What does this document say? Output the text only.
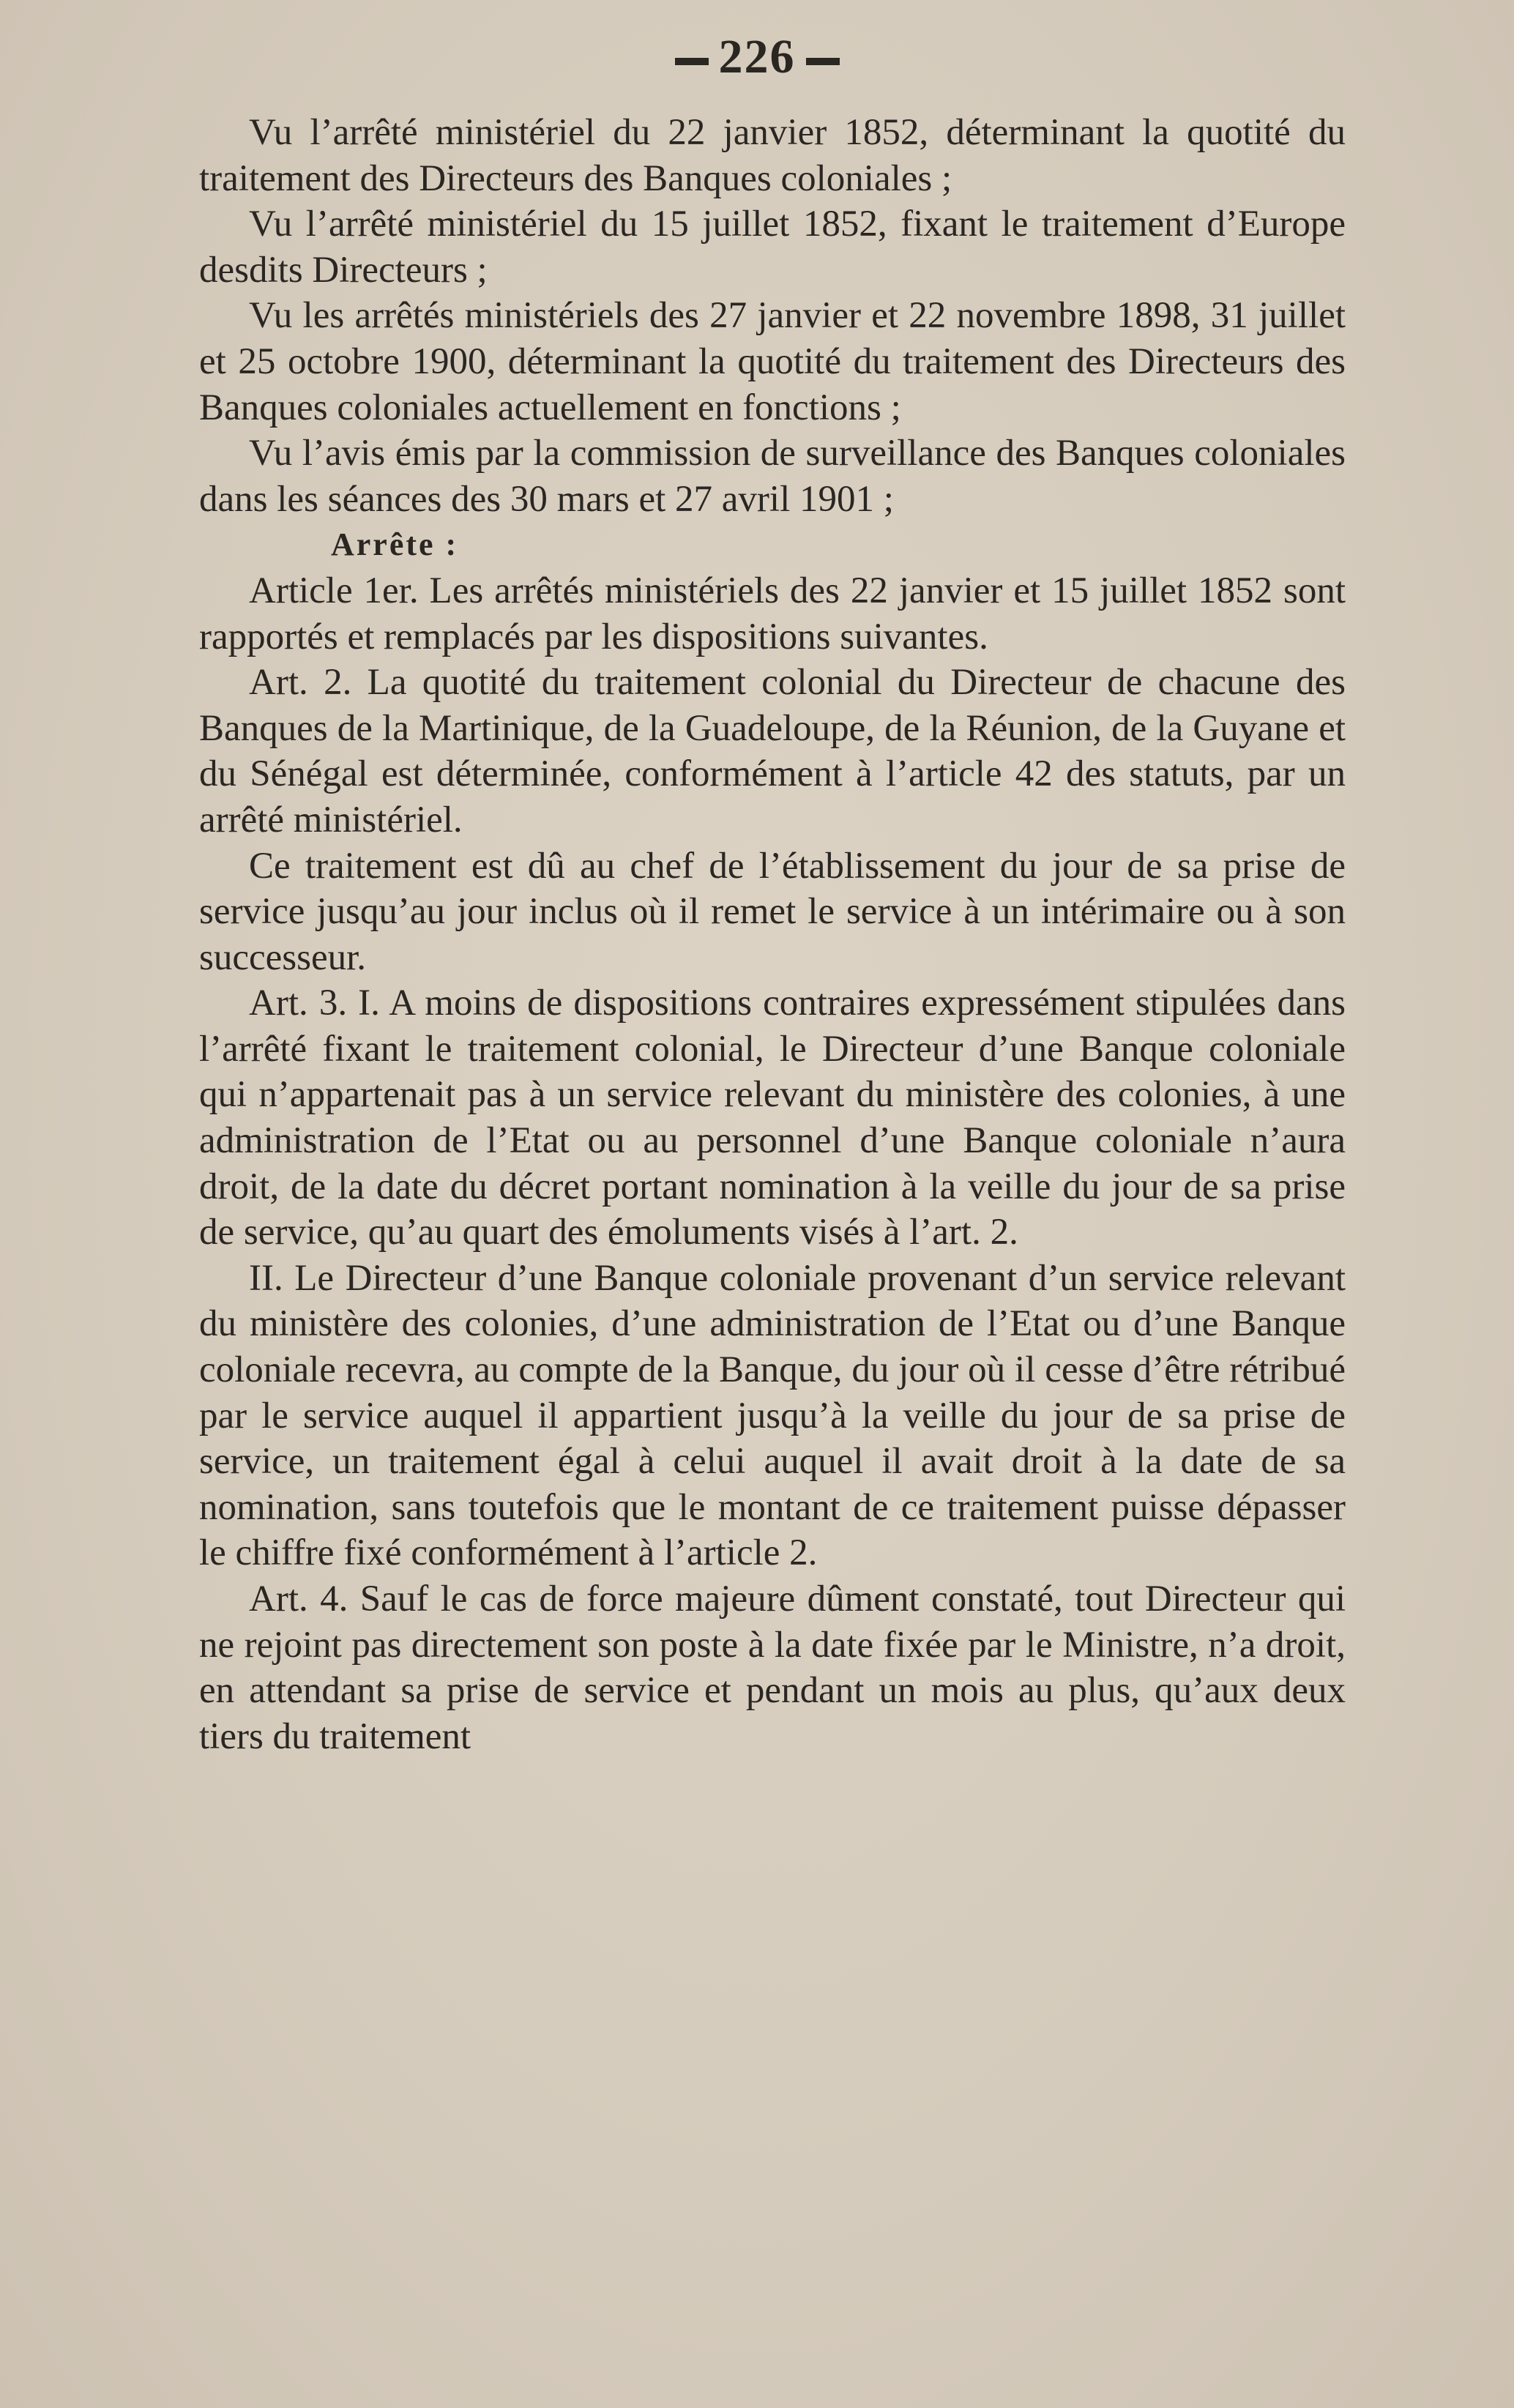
226

Vu l’arrêté ministériel du 22 janvier 1852, déterminant la quotité du traitement des Directeurs des Banques coloniales ;

Vu l’arrêté ministériel du 15 juillet 1852, fixant le traitement d’Europe desdits Directeurs ;

Vu les arrêtés ministériels des 27 janvier et 22 novembre 1898, 31 juillet et 25 octobre 1900, déterminant la quotité du traitement des Directeurs des Banques coloniales actuellement en fonctions ;

Vu l’avis émis par la commission de surveillance des Banques coloniales dans les séances des 30 mars et 27 avril 1901 ;

Arrête :

Article 1er. Les arrêtés ministériels des 22 janvier et 15 juillet 1852 sont rapportés et remplacés par les dispositions suivantes.

Art. 2. La quotité du traitement colonial du Directeur de chacune des Banques de la Martinique, de la Guadeloupe, de la Réunion, de la Guyane et du Sénégal est déterminée, conformément à l’article 42 des statuts, par un arrêté ministériel.

Ce traitement est dû au chef de l’établissement du jour de sa prise de service jusqu’au jour inclus où il remet le service à un intérimaire ou à son successeur.

Art. 3. I. A moins de dispositions contraires expressément stipulées dans l’arrêté fixant le traitement colonial, le Directeur d’une Banque coloniale qui n’appartenait pas à un service relevant du ministère des colonies, à une administration de l’Etat ou au personnel d’une Banque coloniale n’aura droit, de la date du décret portant nomination à la veille du jour de sa prise de service, qu’au quart des émoluments visés à l’art. 2.

II. Le Directeur d’une Banque coloniale provenant d’un service relevant du ministère des colonies, d’une administration de l’Etat ou d’une Banque coloniale recevra, au compte de la Banque, du jour où il cesse d’être rétribué par le service auquel il appartient jusqu’à la veille du jour de sa prise de service, un traitement égal à celui auquel il avait droit à la date de sa nomination, sans toutefois que le montant de ce traitement puisse dépasser le chiffre fixé conformément à l’article 2.

Art. 4. Sauf le cas de force majeure dûment constaté, tout Directeur qui ne rejoint pas directement son poste à la date fixée par le Ministre, n’a droit, en attendant sa prise de service et pendant un mois au plus, qu’aux deux tiers du traitement
